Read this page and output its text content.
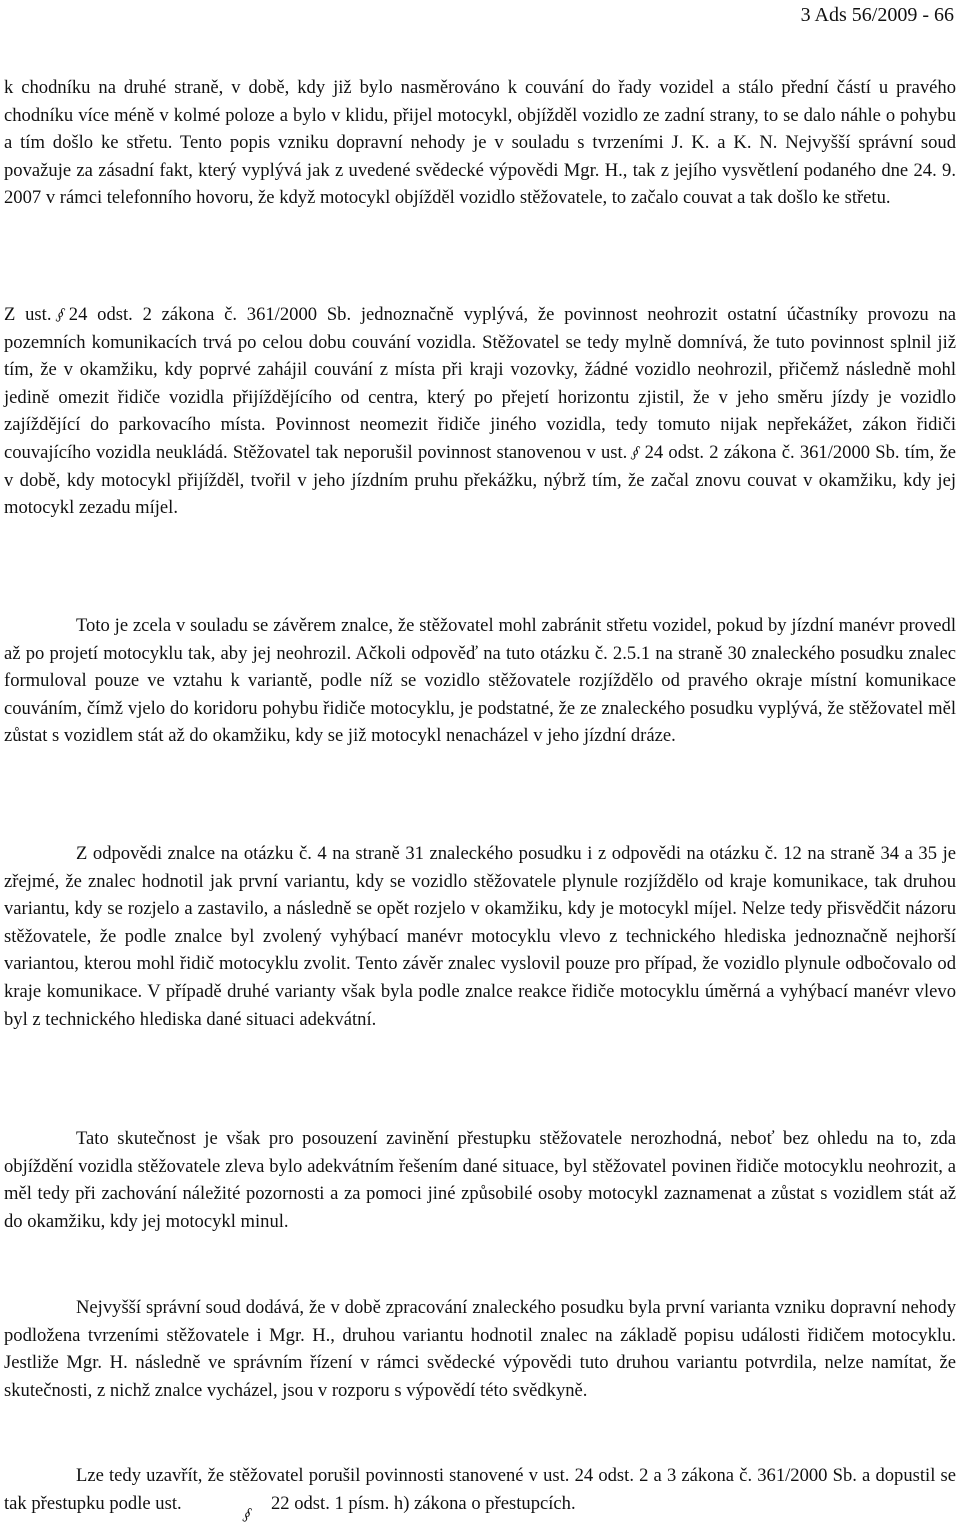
3 Ads 56/2009 - 66

k chodníku na druhé straně, v době, kdy již bylo nasměrováno k couvání do řady vozidel a stálo přední částí u pravého chodníku více méně v kolmé poloze a bylo v klidu, přijel motocykl, objížděl vozidlo ze zadní strany, to se dalo náhle o pohybu a tím došlo ke střetu. Tento popis vzniku dopravní nehody je v souladu s tvrzeními J. K. a K. N. Nejvyšší správní soud považuje za zásadní fakt, který vyplývá jak z uvedené svědecké výpovědi Mgr. H., tak z jejího vysvětlení podaného dne 24. 9. 2007 v rámci telefonního hovoru, že když motocykl objížděl vozidlo stěžovatele, to začalo couvat a tak došlo ke střetu.

Z ust. § 24 odst. 2 zákona č. 361/2000 Sb. jednoznačně vyplývá, že povinnost neohrozit ostatní účastníky provozu na pozemních komunikacích trvá po celou dobu couvání vozidla. Stěžovatel se tedy mylně domnívá, že tuto povinnost splnil již tím, že v okamžiku, kdy poprvé zahájil couvání z místa při kraji vozovky, žádné vozidlo neohrozil, přičemž následně mohl jedině omezit řidiče vozidla přijíždějícího od centra, který po přejetí horizontu zjistil, že v jeho směru jízdy je vozidlo zajíždějící do parkovacího místa. Povinnost neomezit řidiče jiného vozidla, tedy tomuto nijak nepřekážet, zákon řidiči couvajícího vozidla neukládá. Stěžovatel tak neporušil povinnost stanovenou v ust. § 24 odst. 2 zákona č. 361/2000 Sb. tím, že v době, kdy motocykl přijížděl, tvořil v jeho jízdním pruhu překážku, nýbrž tím, že začal znovu couvat v okamžiku, kdy jej motocykl zezadu míjel.

Toto je zcela v souladu se závěrem znalce, že stěžovatel mohl zabránit střetu vozidel, pokud by jízdní manévr provedl až po projetí motocyklu tak, aby jej neohrozil. Ačkoli odpověď na tuto otázku č. 2.5.1 na straně 30 znaleckého posudku znalec formuloval pouze ve vztahu k variantě, podle níž se vozidlo stěžovatele rozjíždělo od pravého okraje místní komunikace couváním, čímž vjelo do koridoru pohybu řidiče motocyklu, je podstatné, že ze znaleckého posudku vyplývá, že stěžovatel měl zůstat s vozidlem stát až do okamžiku, kdy se již motocykl nenacházel v jeho jízdní dráze.

Z odpovědi znalce na otázku č. 4 na straně 31 znaleckého posudku i z odpovědi na otázku č. 12 na straně 34 a 35 je zřejmé, že znalec hodnotil jak první variantu, kdy se vozidlo stěžovatele plynule rozjíždělo od kraje komunikace, tak druhou variantu, kdy se rozjelo a zastavilo, a následně se opět rozjelo v okamžiku, kdy je motocykl míjel. Nelze tedy přisvědčit názoru stěžovatele, že podle znalce byl zvolený vyhýbací manévr motocyklu vlevo z technického hlediska jednoznačně nejhorší variantou, kterou mohl řidič motocyklu zvolit. Tento závěr znalec vyslovil pouze pro případ, že vozidlo plynule odbočovalo od kraje komunikace. V případě druhé varianty však byla podle znalce reakce řidiče motocyklu úměrná a vyhýbací manévr vlevo byl z technického hlediska dané situaci adekvátní.

Tato skutečnost je však pro posouzení zavinění přestupku stěžovatele nerozhodná, neboť bez ohledu na to, zda objíždění vozidla stěžovatele zleva bylo adekvátním řešením dané situace, byl stěžovatel povinen řidiče motocyklu neohrozit, a měl tedy při zachování náležité pozornosti a za pomoci jiné způsobilé osoby motocykl zaznamenat a zůstat s vozidlem stát až do okamžiku, kdy jej motocykl minul.

Nejvyšší správní soud dodává, že v době zpracování znaleckého posudku byla první varianta vzniku dopravní nehody podložena tvrzeními stěžovatele i Mgr. H., druhou variantu hodnotil znalec na základě popisu události řidičem motocyklu. Jestliže Mgr. H. následně ve správním řízení v rámci svědecké výpovědi tuto druhou variantu potvrdila, nelze namítat, že skutečnosti, z nichž znalce vycházel, jsou v rozporu s výpovědí této svědkyně.

Lze tedy uzavřít, že stěžovatel porušil povinnosti stanovené v ust. 24 odst. 2 a 3 zákona č. 361/2000 Sb. a dopustil se tak přestupku podle ust. §	22 odst. 1 písm. h) zákona o přestupcích.
